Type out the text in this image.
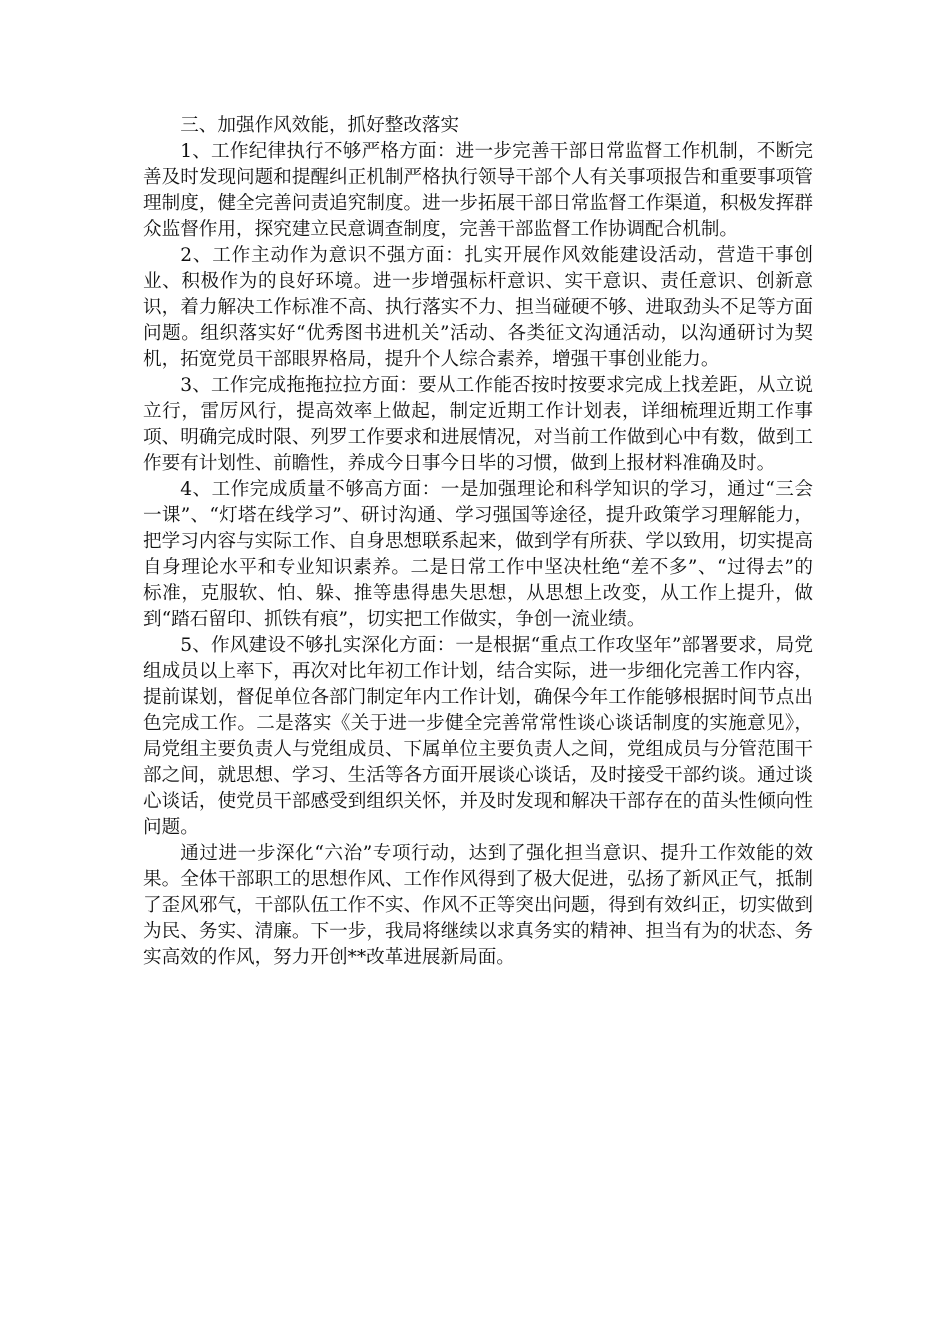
三、加强作风效能，抓好整改落实

1、工作纪律执行不够严格方面：进一步完善干部日常监督工作机制，不断完善及时发现问题和提醒纠正机制严格执行领导干部个人有关事项报告和重要事项管理制度，健全完善问责追究制度。进一步拓展干部日常监督工作渠道，积极发挥群众监督作用，探究建立民意调查制度，完善干部监督工作协调配合机制。

2、工作主动作为意识不强方面：扎实开展作风效能建设活动，营造干事创业、积极作为的良好环境。进一步增强标杆意识、实干意识、责任意识、创新意识，着力解决工作标准不高、执行落实不力、担当碰硬不够、进取劲头不足等方面问题。组织落实好“优秀图书进机关”活动、各类征文沟通活动，以沟通研讨为契机，拓宽党员干部眼界格局，提升个人综合素养，增强干事创业能力。

3、工作完成拖拖拉拉方面：要从工作能否按时按要求完成上找差距，从立说立行，雷厉风行，提高效率上做起，制定近期工作计划表，详细梳理近期工作事项、明确完成时限、列罗工作要求和进展情况，对当前工作做到心中有数，做到工作要有计划性、前瞻性，养成今日事今日毕的习惯，做到上报材料准确及时。

4、工作完成质量不够高方面：一是加强理论和科学知识的学习，通过“三会一课”、“灯塔在线学习”、研讨沟通、学习强国等途径，提升政策学习理解能力，把学习内容与实际工作、自身思想联系起来，做到学有所获、学以致用，切实提高自身理论水平和专业知识素养。二是日常工作中坚决杜绝“差不多”、“过得去”的标准，克服软、怕、躲、推等患得患失思想，从思想上改变，从工作上提升，做到“踏石留印、抓铁有痕”，切实把工作做实，争创一流业绩。

5、作风建设不够扎实深化方面：一是根据“重点工作攻坚年”部署要求，局党组成员以上率下，再次对比年初工作计划，结合实际，进一步细化完善工作内容，提前谋划，督促单位各部门制定年内工作计划，确保今年工作能够根据时间节点出色完成工作。二是落实《关于进一步健全完善常常性谈心谈话制度的实施意见》，局党组主要负责人与党组成员、下属单位主要负责人之间，党组成员与分管范围干部之间，就思想、学习、生活等各方面开展谈心谈话，及时接受干部约谈。通过谈心谈话，使党员干部感受到组织关怀，并及时发现和解决干部存在的苗头性倾向性问题。

通过进一步深化“六治”专项行动，达到了强化担当意识、提升工作效能的效果。全体干部职工的思想作风、工作作风得到了极大促进，弘扬了新风正气，抵制了歪风邪气，干部队伍工作不实、作风不正等突出问题，得到有效纠正，切实做到为民、务实、清廉。下一步，我局将继续以求真务实的精神、担当有为的状态、务实高效的作风，努力开创**改革进展新局面。
